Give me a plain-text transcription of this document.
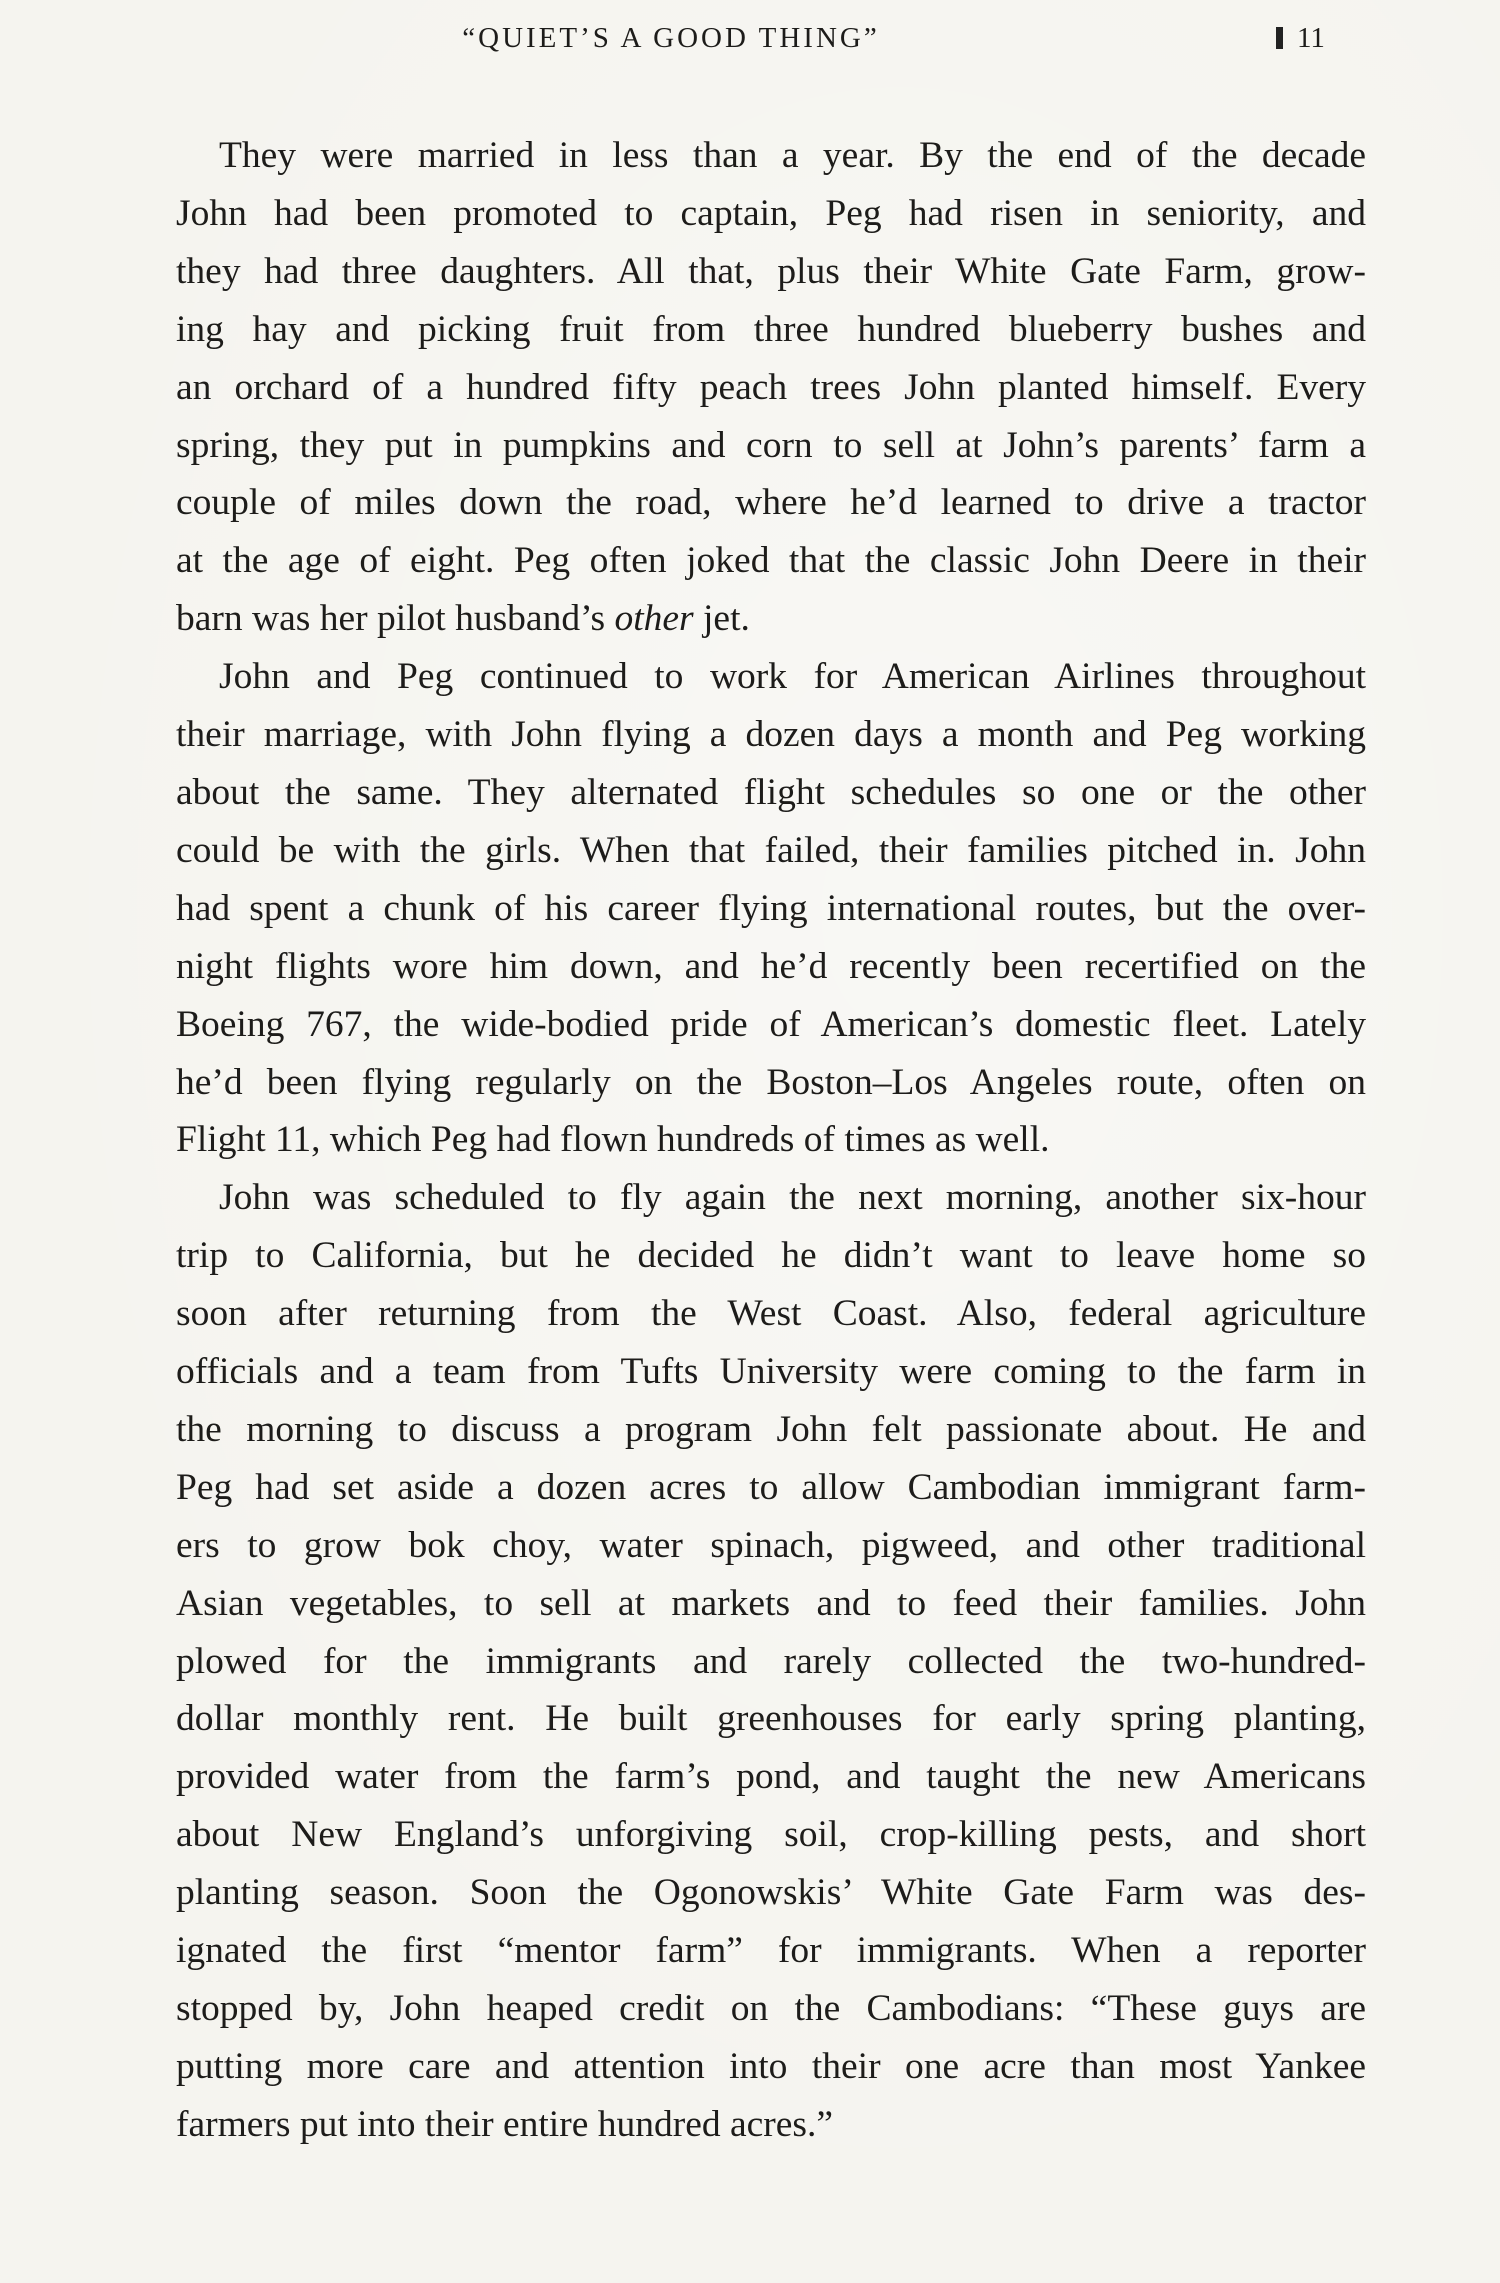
“QUIET’S A GOOD THING”	11

They were married in less than a year. By the end of the decade
John had been promoted to captain, Peg had risen in seniority, and
they had three daughters. All that, plus their White Gate Farm, grow-
ing hay and picking fruit from three hundred blueberry bushes and
an orchard of a hundred fifty peach trees John planted himself. Every
spring, they put in pumpkins and corn to sell at John’s parents’ farm a
couple of miles down the road, where he’d learned to drive a tractor
at the age of eight. Peg often joked that the classic John Deere in their
barn was her pilot husband’s other jet.

John and Peg continued to work for American Airlines throughout
their marriage, with John flying a dozen days a month and Peg working
about the same. They alternated flight schedules so one or the other
could be with the girls. When that failed, their families pitched in. John
had spent a chunk of his career flying international routes, but the over-
night flights wore him down, and he’d recently been recertified on the
Boeing 767, the wide-bodied pride of American’s domestic fleet. Lately
he’d been flying regularly on the Boston–Los Angeles route, often on
Flight 11, which Peg had flown hundreds of times as well.

John was scheduled to fly again the next morning, another six-hour
trip to California, but he decided he didn’t want to leave home so
soon after returning from the West Coast. Also, federal agriculture
officials and a team from Tufts University were coming to the farm in
the morning to discuss a program John felt passionate about. He and
Peg had set aside a dozen acres to allow Cambodian immigrant farm-
ers to grow bok choy, water spinach, pigweed, and other traditional
Asian vegetables, to sell at markets and to feed their families. John
plowed for the immigrants and rarely collected the two-hundred-
dollar monthly rent. He built greenhouses for early spring planting,
provided water from the farm’s pond, and taught the new Americans
about New England’s unforgiving soil, crop-killing pests, and short
planting season. Soon the Ogonowskis’ White Gate Farm was des-
ignated the first “mentor farm” for immigrants. When a reporter
stopped by, John heaped credit on the Cambodians: “These guys are
putting more care and attention into their one acre than most Yankee
farmers put into their entire hundred acres.”
